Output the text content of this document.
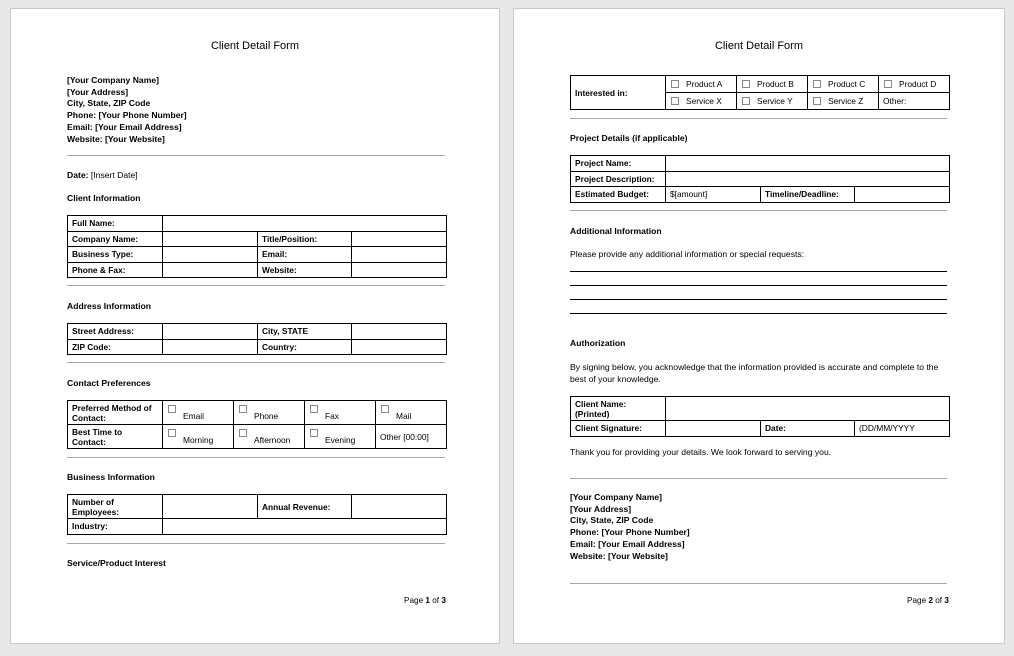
Client Detail Form
[Your Company Name]
[Your Address]
City, State, ZIP Code
Phone: [Your Phone Number]
Email: [Your Email Address]
Website: [Your Website]
Date: [Insert Date]
Client Information
Full Name:			
Company Name:		Title/Position:	
Business Type:		Email:	
Phone & Fax:		Website:	
Address Information
Street Address:		City, STATE	
ZIP Code:		Country:	
Contact Preferences
Preferred Method of Contact:	Email	Phone	Fax	Mail

Best Time to Contact:	Morning	Afternoon	Evening	Other [00:00]
Business Information
Number of Employees:		Annual Revenue:	
Industry:			
Service/Product Interest
Page 1 of 3
Client Detail Form
Interested in:	Product A	Product B	Product C	Product D

	Service X	Service Y	Service Z	Other:
Project Details (if applicable)
Project Name:			
Project Description:			
Estimated Budget:	$[amount]	Timeline/Deadline:	
Additional Information
Please provide any additional information or special requests:
Authorization
By signing below, you acknowledge that the information provided is accurate and complete to the best of your knowledge.
Client Name: (Printed)			
Client Signature:		Date:	(DD/MM/YYYY
Thank you for providing your details. We look forward to serving you.
[Your Company Name]
[Your Address]
City, State, ZIP Code
Phone: [Your Phone Number]
Email: [Your Email Address]
Website: [Your Website]
Page 2 of 3
